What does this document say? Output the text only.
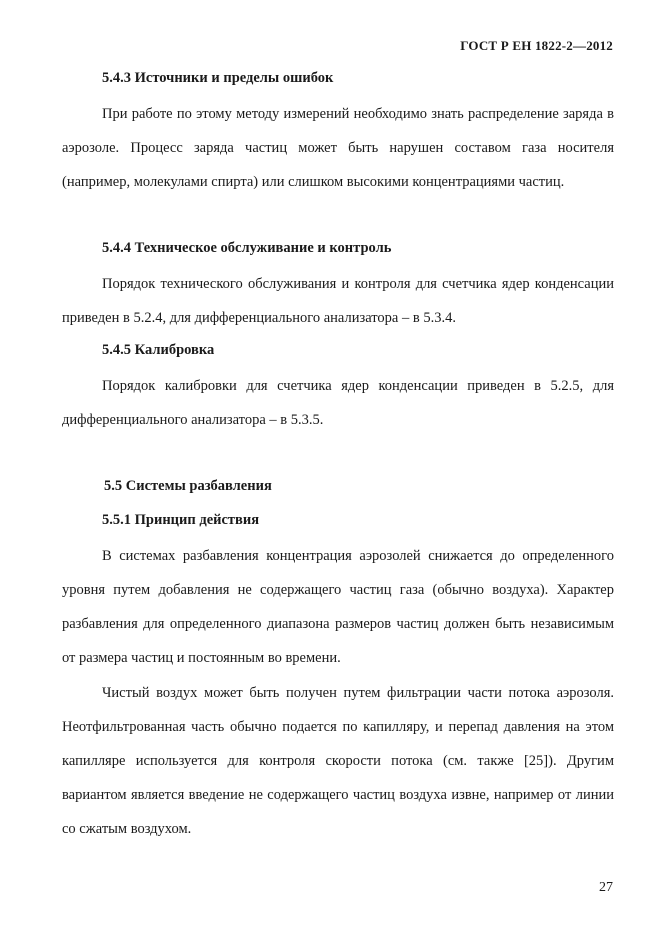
ГОСТ Р ЕН 1822-2—2012
5.4.3 Источники и пределы ошибок
При работе по этому методу измерений необходимо знать распределение заряда в аэрозоле. Процесс заряда частиц может быть нарушен составом газа носителя (например, молекулами спирта) или слишком высокими концентрациями частиц.
5.4.4 Техническое обслуживание и контроль
Порядок технического обслуживания и контроля для счетчика ядер конденсации приведен в 5.2.4, для дифференциального анализатора – в 5.3.4.
5.4.5 Калибровка
Порядок калибровки для счетчика ядер конденсации приведен в 5.2.5, для дифференциального анализатора – в 5.3.5.
5.5 Системы разбавления
5.5.1 Принцип действия
В системах разбавления концентрация аэрозолей снижается до определенного уровня путем добавления не содержащего частиц газа (обычно воздуха). Характер разбавления для определенного диапазона размеров частиц должен быть независимым от размера частиц и постоянным во времени.
Чистый воздух может быть получен путем фильтрации части потока аэрозоля. Неотфильтрованная часть обычно подается по капилляру, и перепад давления на этом капилляре используется для контроля скорости потока (см. также [25]). Другим вариантом является введение не содержащего частиц воздуха извне, например от линии со сжатым воздухом.
27
